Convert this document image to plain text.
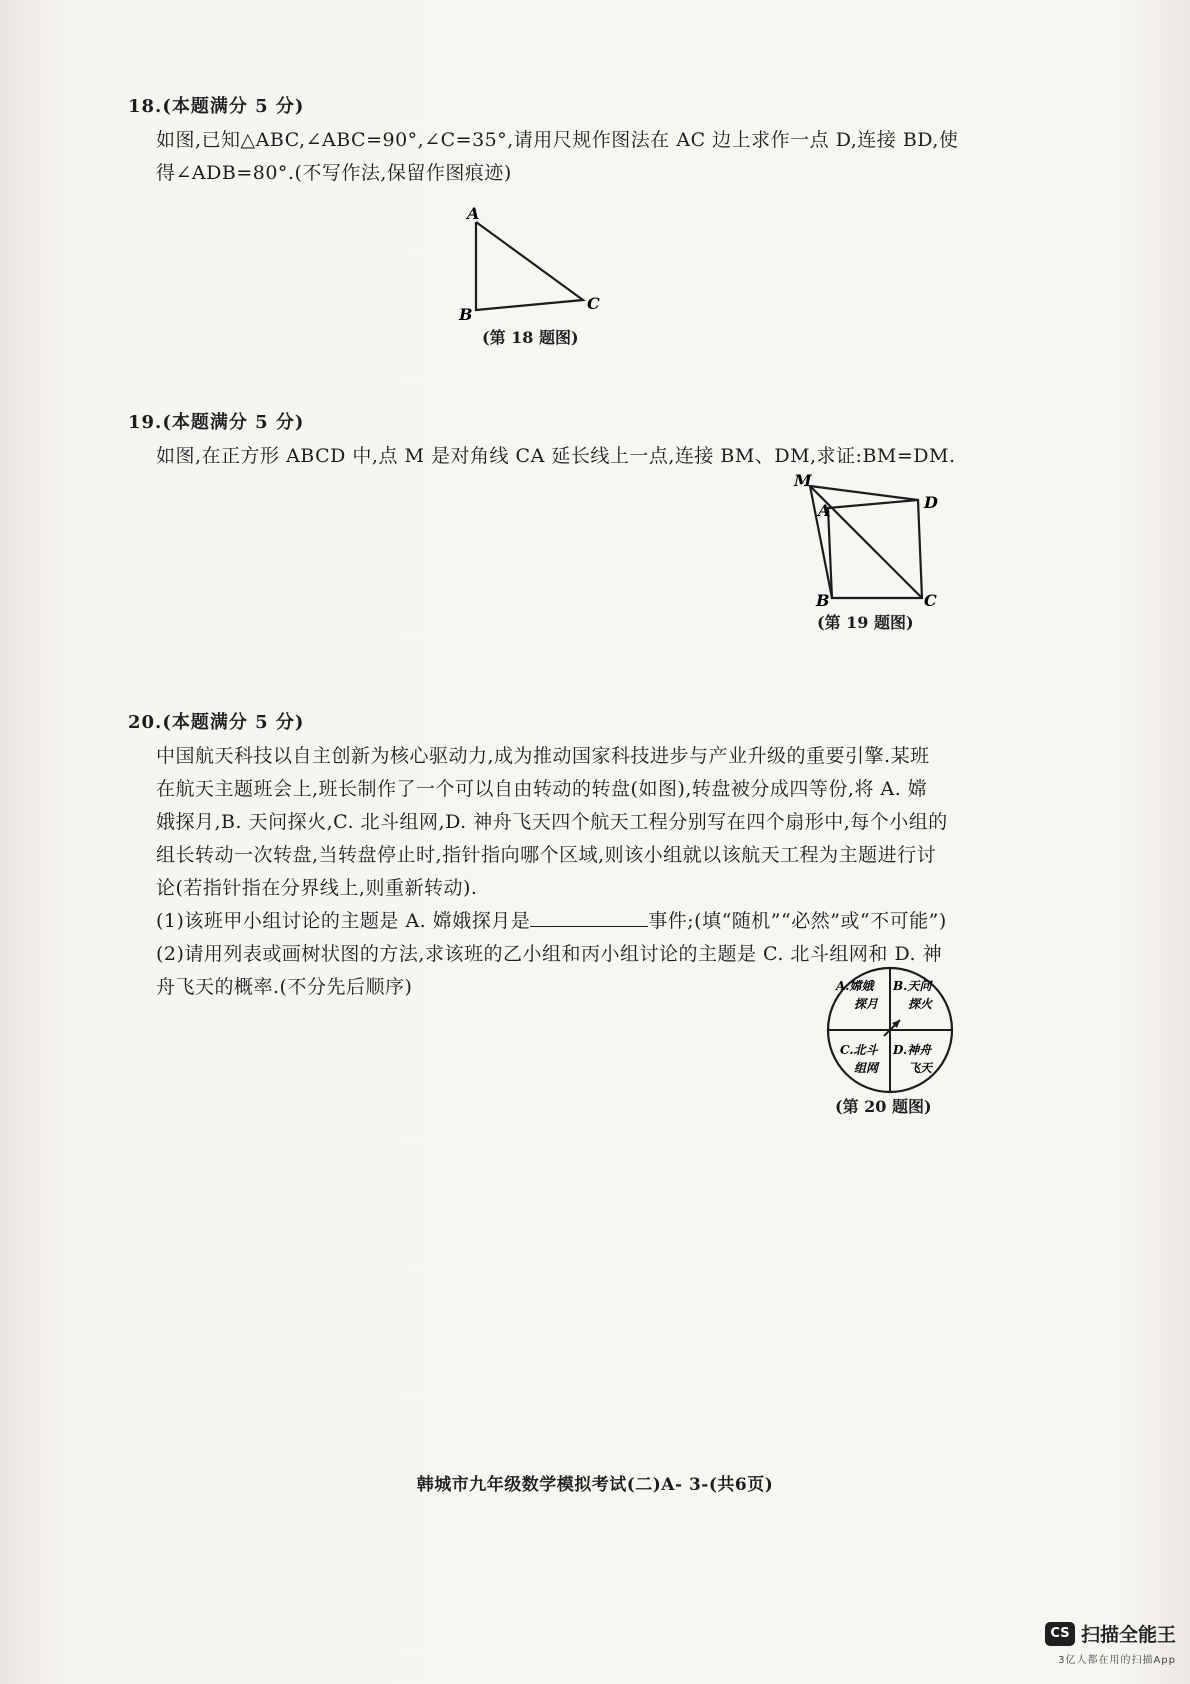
18.(本题满分 5 分)

如图,已知△ABC,∠ABC=90°,∠C=35°,请用尺规作图法在 AC 边上求作一点 D,连接 BD,使

得∠ADB=80°.(不写作法,保留作图痕迹)

A
B
C
(第 18 题图)

19.(本题满分 5 分)

如图,在正方形 ABCD 中,点 M 是对角线 CA 延长线上一点,连接 BM、DM,求证:BM=DM.

M
A	D
B	C
(第 19 题图)

20.(本题满分 5 分)

中国航天科技以自主创新为核心驱动力,成为推动国家科技进步与产业升级的重要引擎.某班

在航天主题班会上,班长制作了一个可以自由转动的转盘(如图),转盘被分成四等份,将 A. 嫦

娥探月,B. 天问探火,C. 北斗组网,D. 神舟飞天四个航天工程分别写在四个扇形中,每个小组的

组长转动一次转盘,当转盘停止时,指针指向哪个区域,则该小组就以该航天工程为主题进行讨

论(若指针指在分界线上,则重新转动).

(1)该班甲小组讨论的主题是 A. 嫦娥探月是	事件;(填“随机”“必然”或“不可能”)

(2)请用列表或画树状图的方法,求该班的乙小组和丙小组讨论的主题是 C. 北斗组网和 D. 神

舟飞天的概率.(不分先后顺序)	A.嫦娥
探月
B.天问
探火
C.北斗
组网
D.神舟
飞天
(第 20 题图)
韩城市九年级数学模拟考试(二)A- 3-(共6页)
CS 扫描全能王
3亿人都在用的扫描App
